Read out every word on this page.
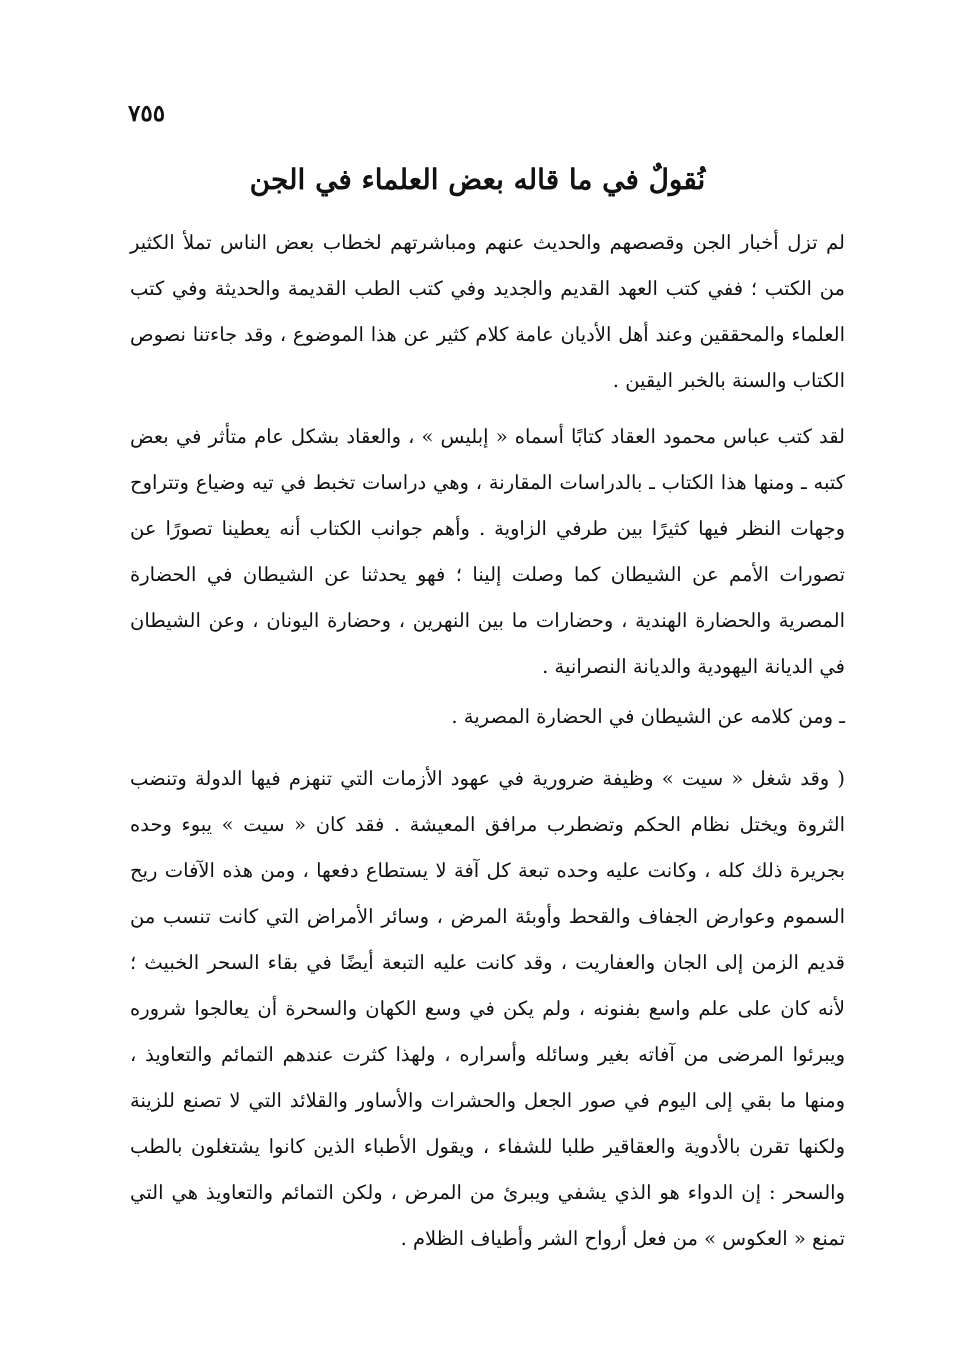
٧٥٥
نُقولٌ في ما قاله بعض العلماء في الجن

لم تزل أخبار الجن وقصصهم والحديث عنهم ومباشرتهم لخطاب بعض الناس تملأ الكثير من الكتب ؛ ففي كتب العهد القديم والجديد وفي كتب الطب القديمة والحديثة وفي كتب العلماء والمحققين وعند أهل الأديان عامة كلام كثير عن هذا الموضوع ، وقد جاءتنا نصوص الكتاب والسنة بالخبر اليقين .

لقد كتب عباس محمود العقاد كتابًا أسماه « إبليس » ، والعقاد بشكل عام متأثر في بعض كتبه ـ ومنها هذا الكتاب ـ بالدراسات المقارنة ، وهي دراسات تخبط في تيه وضياع وتتراوح وجهات النظر فيها كثيرًا بين طرفي الزاوية . وأهم جوانب الكتاب أنه يعطينا تصورًا عن تصورات الأمم عن الشيطان كما وصلت إلينا ؛ فهو يحدثنا عن الشيطان في الحضارة المصرية والحضارة الهندية ، وحضارات ما بين النهرين ، وحضارة اليونان ، وعن الشيطان في الديانة اليهودية والديانة النصرانية .

ـ ومن كلامه عن الشيطان في الحضارة المصرية .

( وقد شغل « سيت » وظيفة ضرورية في عهود الأزمات التي تنهزم فيها الدولة وتنضب الثروة ويختل نظام الحكم وتضطرب مرافق المعيشة . فقد كان « سيت » يبوء وحده بجريرة ذلك كله ، وكانت عليه وحده تبعة كل آفة لا يستطاع دفعها ، ومن هذه الآفات ريح السموم وعوارض الجفاف والقحط وأوبئة المرض ، وسائر الأمراض التي كانت تنسب من قديم الزمن إلى الجان والعفاريت ، وقد كانت عليه التبعة أيضًا في بقاء السحر الخبيث ؛ لأنه كان على علم واسع بفنونه ، ولم يكن في وسع الكهان والسحرة أن يعالجوا شروره ويبرئوا المرضى من آفاته بغير وسائله وأسراره ، ولهذا كثرت عندهم التمائم والتعاويذ ، ومنها ما بقي إلى اليوم في صور الجعل والحشرات والأساور والقلائد التي لا تصنع للزينة ولكنها تقرن بالأدوية والعقاقير طلبا للشفاء ، ويقول الأطباء الذين كانوا يشتغلون بالطب والسحر : إن الدواء هو الذي يشفي ويبرئ من المرض ، ولكن التمائم والتعاويذ هي التي تمنع « العكوس » من فعل أرواح الشر وأطياف الظلام .
